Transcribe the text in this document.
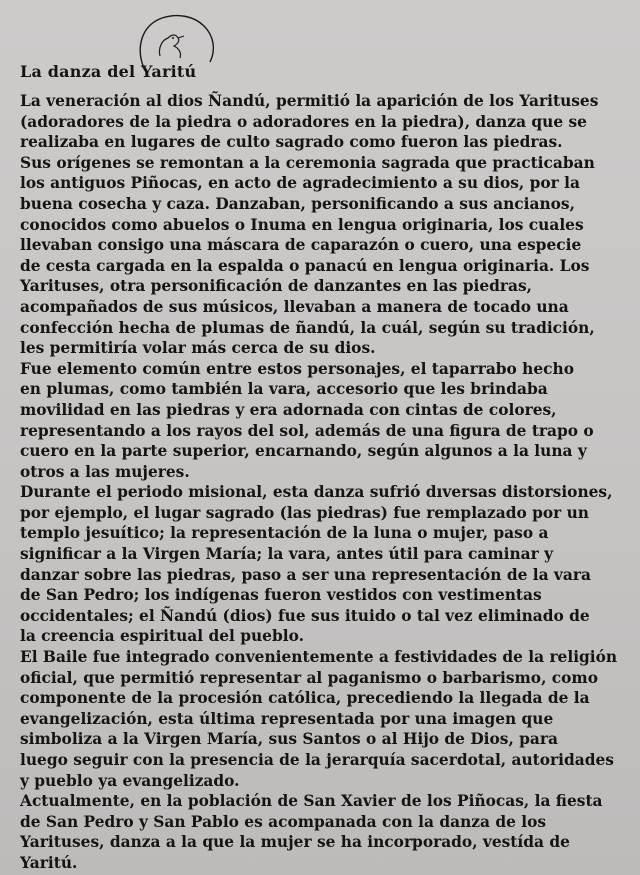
La danza del Yaritú
La veneración al dios Ñandú, permitió la aparición de los Yarituses
(adoradores de la piedra o adoradores en la piedra), danza que se
realizaba en lugares de culto sagrado como fueron las piedras.
Sus orígenes se remontan a la ceremonia sagrada que practicaban
los antiguos Piñocas, en acto de agradecimiento a su dios, por la
buena cosecha y caza. Danzaban, personificando a sus ancianos,
conocidos como abuelos o Inuma en lengua originaria, los cuales
llevaban consigo una máscara de caparazón o cuero, una especie
de cesta cargada en la espalda o panacú en lengua originaria. Los
Yarituses, otra personificación de danzantes en las piedras,
acompañados de sus músicos, llevaban a manera de tocado una
confección hecha de plumas de ñandú, la cuál, según su tradición,
les permitiría volar más cerca de su dios.
Fue elemento común entre estos personajes, el taparrabo hecho
en plumas, como también la vara, accesorio que les brindaba
movilidad en las piedras y era adornada con cintas de colores,
representando a los rayos del sol, además de una figura de trapo o
cuero en la parte superior, encarnando, según algunos a la luna y
otros a las mujeres.
Durante el periodo misional, esta danza sufrió dıversas distorsiones,
por ejemplo, el lugar sagrado (las piedras) fue remplazado por un
templo jesuítico; la representación de la luna o mujer, paso a
significar a la Virgen María; la vara, antes útil para caminar y
danzar sobre las piedras, paso a ser una representación de la vara
de San Pedro; los indígenas fueron vestidos con vestimentas
occidentales; el Ñandú (dios) fue sus ituido o tal vez eliminado de
la creencia espiritual del pueblo.
El Baile fue integrado convenientemente a festividades de la religión
oficial, que permitió representar al paganismo o barbarismo, como
componente de la procesión católica, precediendo la llegada de la
evangelización, esta última representada por una imagen que
simboliza a la Virgen María, sus Santos o al Hijo de Dios, para
luego seguir con la presencia de la jerarquía sacerdotal, autoridades
y pueblo ya evangelizado.
Actualmente, en la población de San Xavier de los Piñocas, la fiesta
de San Pedro y San Pablo es acompanada con la danza de los
Yarituses, danza a la que la mujer se ha incorporado, vestída de
Yaritú.
